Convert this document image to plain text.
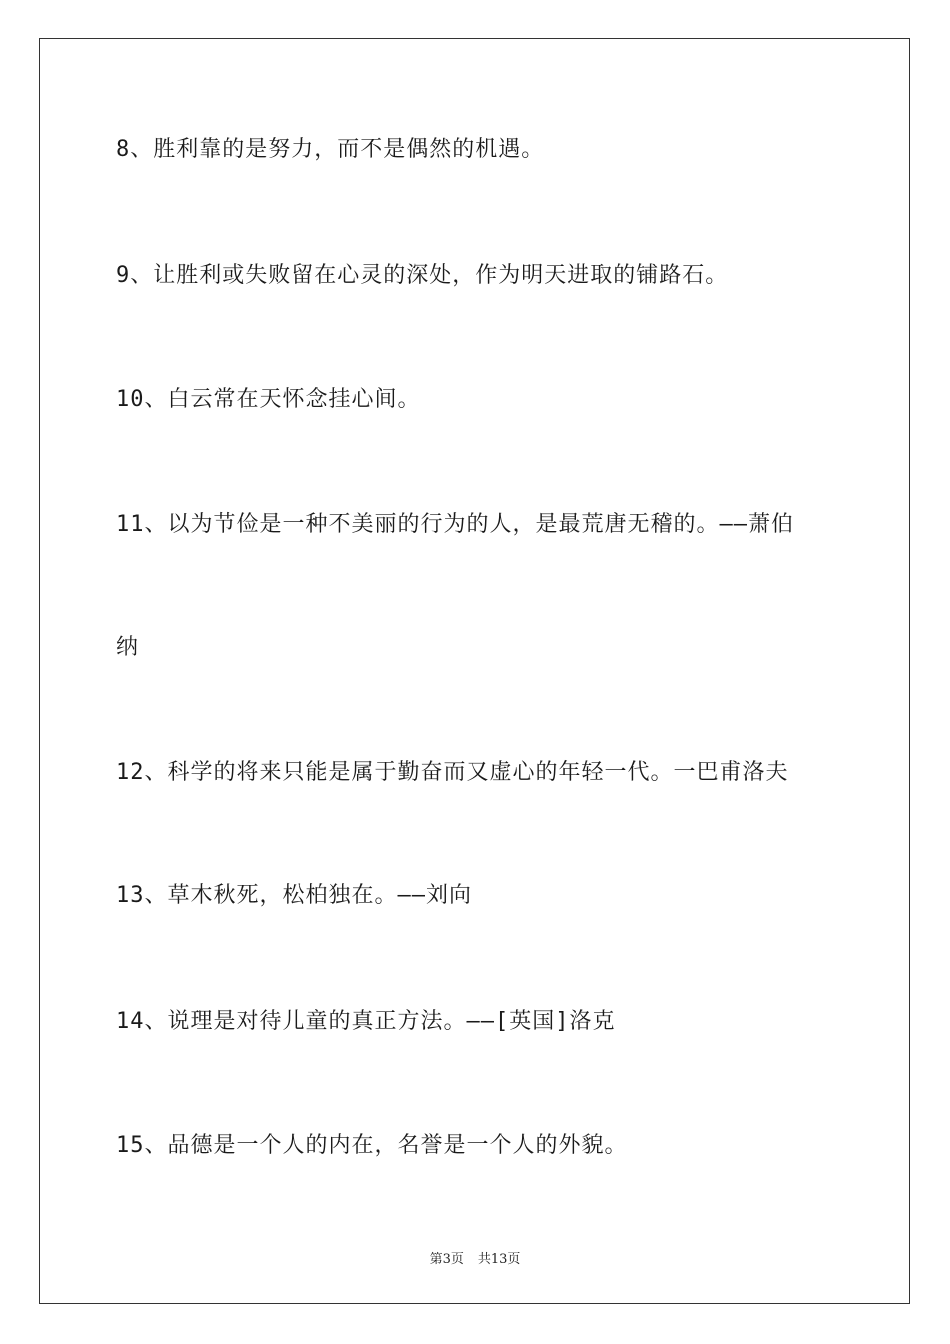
8、胜利靠的是努力，而不是偶然的机遇。

9、让胜利或失败留在心灵的深处，作为明天进取的铺路石。

10、白云常在天怀念挂心间。

11、以为节俭是一种不美丽的行为的人，是最荒唐无稽的。——萧伯

纳

12、科学的将来只能是属于勤奋而又虚心的年轻一代。一巴甫洛夫

13、草木秋死，松柏独在。——刘向

14、说理是对待儿童的真正方法。——[英国]洛克

15、品德是一个人的内在，名誉是一个人的外貌。

第3页 共13页
